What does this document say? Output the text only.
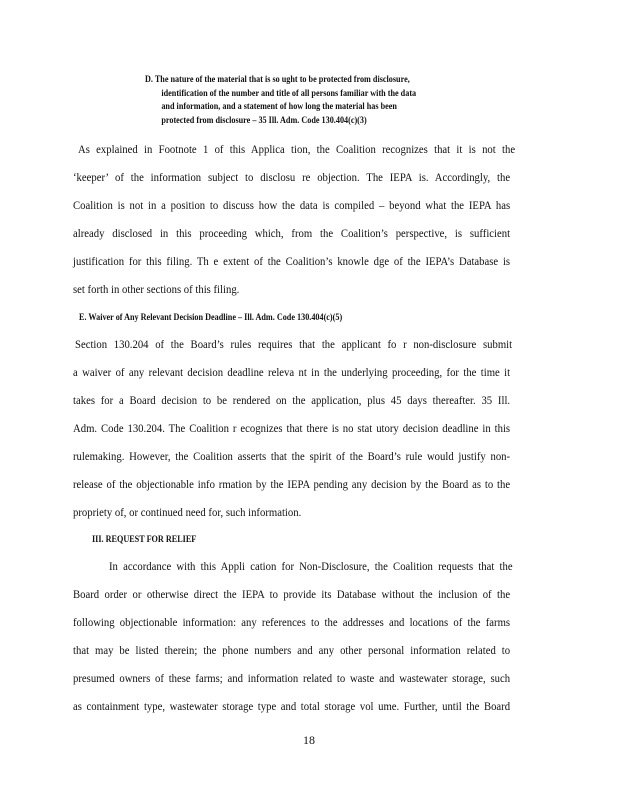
D. The nature of the material that is so ught to be protected from disclosure,
identification of the number and title of all persons familiar with the data
and information, and a statement of how long the material has been
protected from disclosure – 35 Ill. Adm. Code 130.404(c)(3)
As explained in Footnote 1 of this Applica tion, the Coalition recognizes that it is not the
‘keeper’ of the information subject to disclosu re objection. The IEPA is. Accordingly, the
Coalition is not in a position to discuss how the data is compiled – beyond what the IEPA has
already disclosed in this proceeding which, from the Coalition’s perspective, is sufficient
justification for this filing. Th e extent of the Coalition’s knowle dge of the IEPA’s Database is
set forth in other sections of this filing.
E. Waiver of Any Relevant Decision Deadline – Ill. Adm. Code 130.404(c)(5)
Section 130.204 of the Board’s rules requires that the applicant fo r non-disclosure submit
a waiver of any relevant decision deadline releva nt in the underlying proceeding, for the time it
takes for a Board decision to be rendered on the application, plus 45 days thereafter. 35 Ill.
Adm. Code 130.204. The Coalition r ecognizes that there is no stat utory decision deadline in this
rulemaking. However, the Coalition asserts that the spirit of the Board’s rule would justify non-
release of the objectionable info rmation by the IEPA pending any decision by the Board as to the
propriety of, or continued need for, such information.
III. REQUEST FOR RELIEF
In accordance with this Appli cation for Non-Disclosure, the Coalition requests that the
Board order or otherwise direct the IEPA to provide its Database without the inclusion of the
following objectionable information: any references to the addresses and locations of the farms
that may be listed therein; the phone numbers and any other personal information related to
presumed owners of these farms; and information related to waste and wastewater storage, such
as containment type, wastewater storage type and total storage vol ume. Further, until the Board
18
